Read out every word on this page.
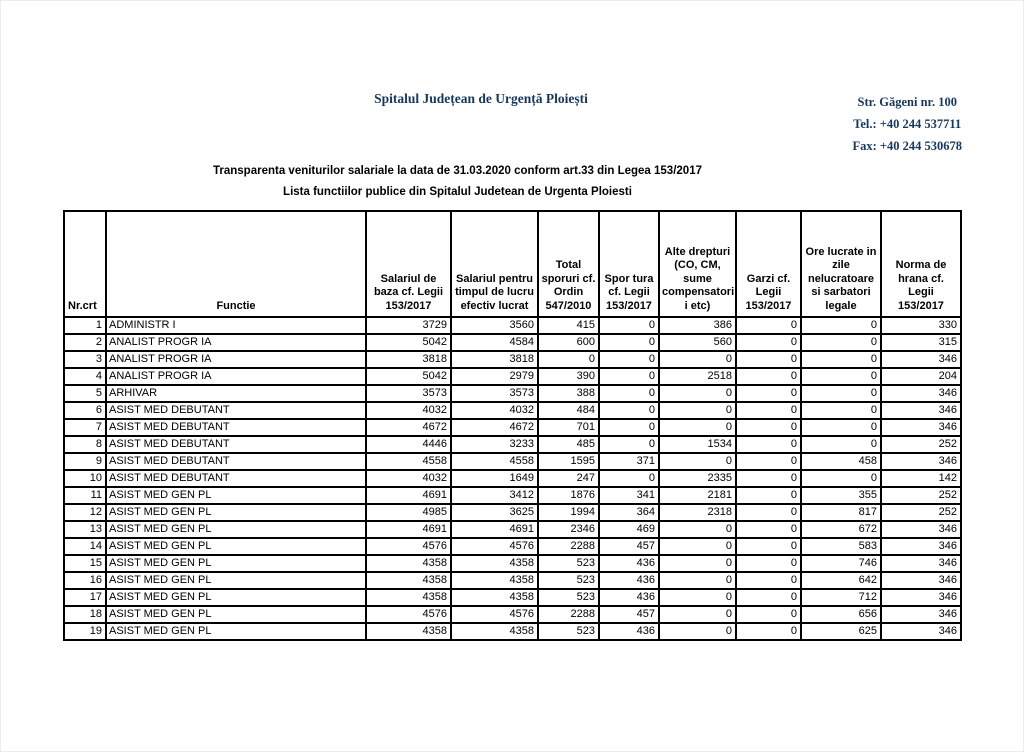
Spitalul Județean de Urgență Ploiești	Str. Găgeni nr. 100
Tel.: +40 244 537711
Fax: +40 244 530678
Transparenta veniturilor salariale la data de 31.03.2020 conform art.33 din Legea 153/2017
Lista functiilor publice din Spitalul Judetean de Urgenta Ploiesti
Nr.crt	Functie	Salariul de baza cf. Legii 153/2017	Salariul pentru timpul de lucru efectiv lucrat	Total sporuri cf. Ordin 547/2010	Spor tura cf. Legii 153/2017	Alte drepturi (CO, CM, sume compensatori i etc)	Garzi cf. Legii 153/2017	Ore lucrate in zile nelucratoare si sarbatori legale	Norma de hrana cf. Legii 153/2017
1	ADMINISTR I	3729	3560	415	0	386	0	0	330
2	ANALIST PROGR IA	5042	4584	600	0	560	0	0	315
3	ANALIST PROGR IA	3818	3818	0	0	0	0	0	346
4	ANALIST PROGR IA	5042	2979	390	0	2518	0	0	204
5	ARHIVAR	3573	3573	388	0	0	0	0	346
6	ASIST MED DEBUTANT	4032	4032	484	0	0	0	0	346
7	ASIST MED DEBUTANT	4672	4672	701	0	0	0	0	346
8	ASIST MED DEBUTANT	4446	3233	485	0	1534	0	0	252
9	ASIST MED DEBUTANT	4558	4558	1595	371	0	0	458	346
10	ASIST MED DEBUTANT	4032	1649	247	0	2335	0	0	142
11	ASIST MED GEN PL	4691	3412	1876	341	2181	0	355	252
12	ASIST MED GEN PL	4985	3625	1994	364	2318	0	817	252
13	ASIST MED GEN PL	4691	4691	2346	469	0	0	672	346
14	ASIST MED GEN PL	4576	4576	2288	457	0	0	583	346
15	ASIST MED GEN PL	4358	4358	523	436	0	0	746	346
16	ASIST MED GEN PL	4358	4358	523	436	0	0	642	346
17	ASIST MED GEN PL	4358	4358	523	436	0	0	712	346
18	ASIST MED GEN PL	4576	4576	2288	457	0	0	656	346
19	ASIST MED GEN PL	4358	4358	523	436	0	0	625	346
